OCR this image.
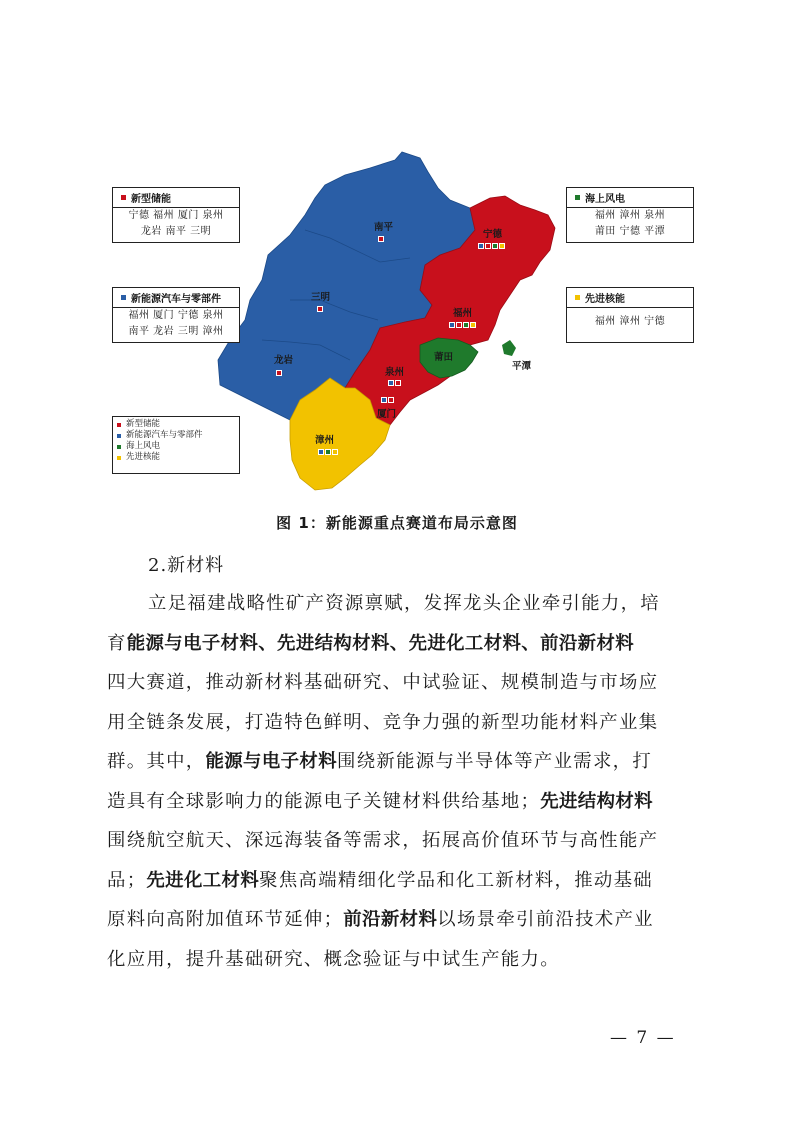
南平
宁德
三明
福州
龙岩	莆田
平潭
泉州
厦门
漳州
新型储能
宁德 福州 厦门 泉州
龙岩 南平 三明
新能源汽车与零部件
福州 厦门 宁德 泉州
南平 龙岩 三明 漳州
海上风电
福州 漳州 泉州
莆田 宁德 平潭
先进核能
福州 漳州 宁德
新型储能
新能源汽车与零部件
海上风电
先进核能
图 1：新能源重点赛道布局示意图
2.新材料
立足福建战略性矿产资源禀赋，发挥龙头企业牵引能力，培
育能源与电子材料、先进结构材料、先进化工材料、前沿新材料
四大赛道，推动新材料基础研究、中试验证、规模制造与市场应
用全链条发展，打造特色鲜明、竞争力强的新型功能材料产业集
群。其中，能源与电子材料围绕新能源与半导体等产业需求，打
造具有全球影响力的能源电子关键材料供给基地；先进结构材料
围绕航空航天、深远海装备等需求，拓展高价值环节与高性能产
品；先进化工材料聚焦高端精细化学品和化工新材料，推动基础
原料向高附加值环节延伸；前沿新材料以场景牵引前沿技术产业
化应用，提升基础研究、概念验证与中试生产能力。
— 7 —
